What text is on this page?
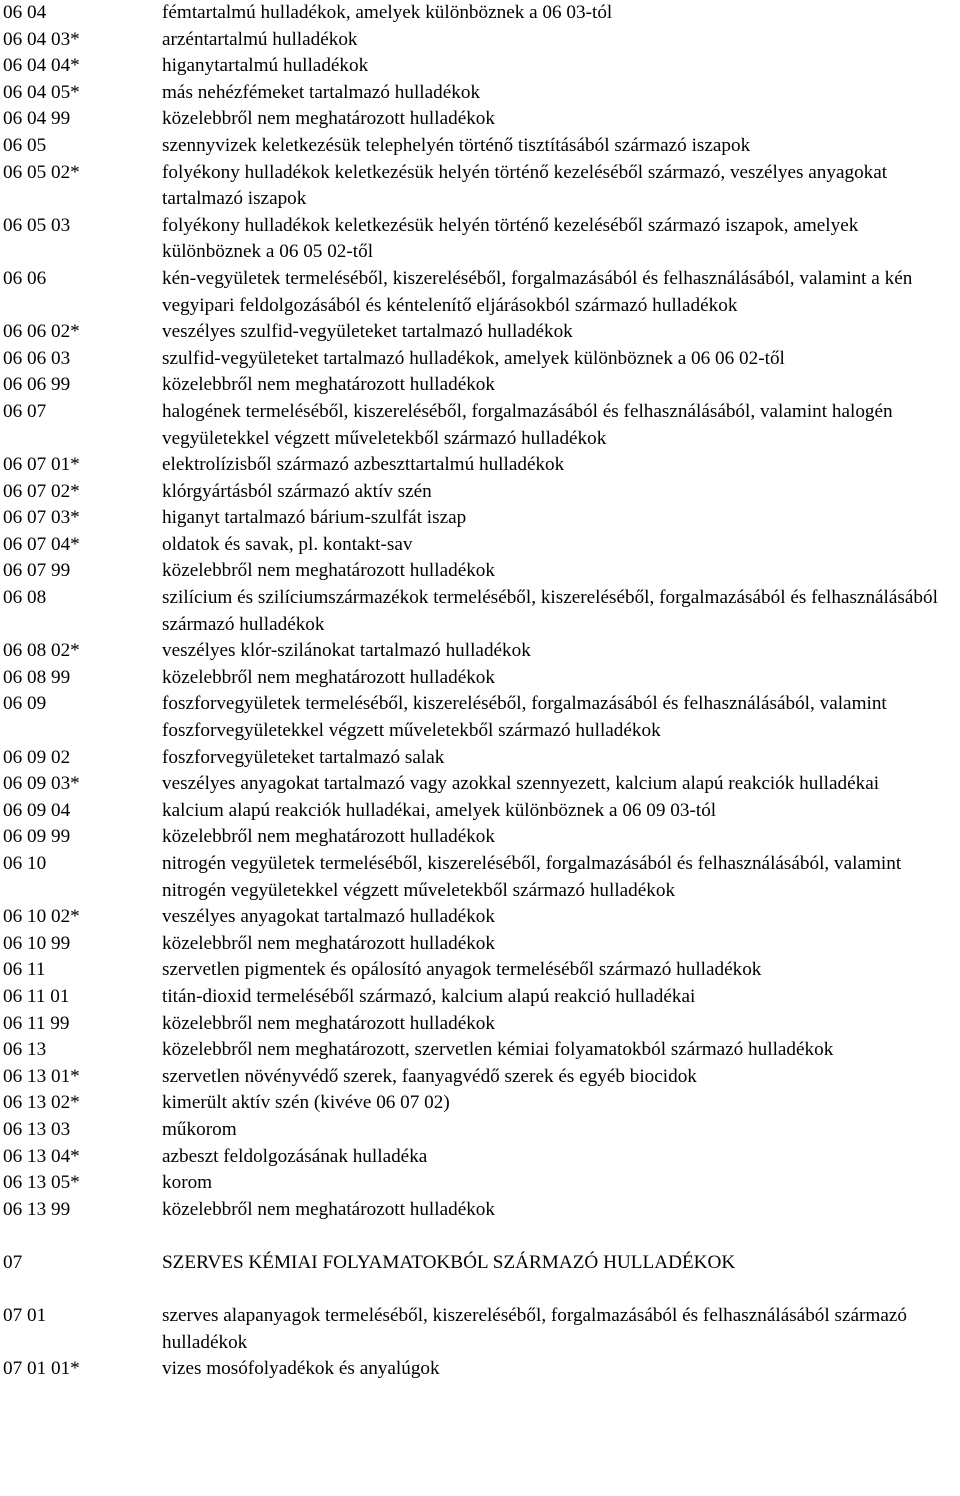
06 04	fémtartalmú hulladékok, amelyek különböznek a 06 03-tól
06 04 03*	arzéntartalmú hulladékok
06 04 04*	higanytartalmú hulladékok
06 04 05*	más nehézfémeket tartalmazó hulladékok
06 04 99	közelebbről nem meghatározott hulladékok
06 05	szennyvizek keletkezésük telephelyén történő tisztításából származó iszapok
06 05 02*	folyékony hulladékok keletkezésük helyén történő kezeléséből származó, veszélyes anyagokat tartalmazó iszapok
06 05 03	folyékony hulladékok keletkezésük helyén történő kezeléséből származó iszapok, amelyek különböznek a 06 05 02-től
06 06	kén-vegyületek termeléséből, kiszereléséből, forgalmazásából és felhasználásából, valamint a kén vegyipari feldolgozásából és kéntelenítő eljárásokból származó hulladékok
06 06 02*	veszélyes szulfid-vegyületeket tartalmazó hulladékok
06 06 03	szulfid-vegyületeket tartalmazó hulladékok, amelyek különböznek a 06 06 02-től
06 06 99	közelebbről nem meghatározott hulladékok
06 07	halogének termeléséből, kiszereléséből, forgalmazásából és felhasználásából, valamint halogén vegyületekkel végzett műveletekből származó hulladékok
06 07 01*	elektrolízisből származó azbeszttartalmú hulladékok
06 07 02*	klórgyártásból származó aktív szén
06 07 03*	higanyt tartalmazó bárium-szulfát iszap
06 07 04*	oldatok és savak, pl. kontakt-sav
06 07 99	közelebbről nem meghatározott hulladékok
06 08	szilícium és szilíciumszármazékok termeléséből, kiszereléséből, forgalmazásából és felhasználásából származó hulladékok
06 08 02*	veszélyes klór-szilánokat tartalmazó hulladékok
06 08 99	közelebbről nem meghatározott hulladékok
06 09	foszforvegyületek termeléséből, kiszereléséből, forgalmazásából és felhasználásából, valamint foszforvegyületekkel végzett műveletekből származó hulladékok
06 09 02	foszforvegyületeket tartalmazó salak
06 09 03*	veszélyes anyagokat tartalmazó vagy azokkal szennyezett, kalcium alapú reakciók hulladékai
06 09 04	kalcium alapú reakciók hulladékai, amelyek különböznek a 06 09 03-tól
06 09 99	közelebbről nem meghatározott hulladékok
06 10	nitrogén vegyületek termeléséből, kiszereléséből, forgalmazásából és felhasználásából, valamint nitrogén vegyületekkel végzett műveletekből származó hulladékok
06 10 02*	veszélyes anyagokat tartalmazó hulladékok
06 10 99	közelebbről nem meghatározott hulladékok
06 11	szervetlen pigmentek és opálosító anyagok termeléséből származó hulladékok
06 11 01	titán-dioxid termeléséből származó, kalcium alapú reakció hulladékai
06 11 99	közelebbről nem meghatározott hulladékok
06 13	közelebbről nem meghatározott, szervetlen kémiai folyamatokból származó hulladékok
06 13 01*	szervetlen növényvédő szerek, faanyagvédő szerek és egyéb biocidok
06 13 02*	kimerült aktív szén (kivéve 06 07 02)
06 13 03	műkorom
06 13 04*	azbeszt feldolgozásának hulladéka
06 13 05*	korom
06 13 99	közelebbről nem meghatározott hulladékok
07	SZERVES KÉMIAI FOLYAMATOKBÓL SZÁRMAZÓ HULLADÉKOK
07 01	szerves alapanyagok termeléséből, kiszereléséből, forgalmazásából és felhasználásából származó hulladékok
07 01 01*	vizes mosófolyadékok és anyalúgok
